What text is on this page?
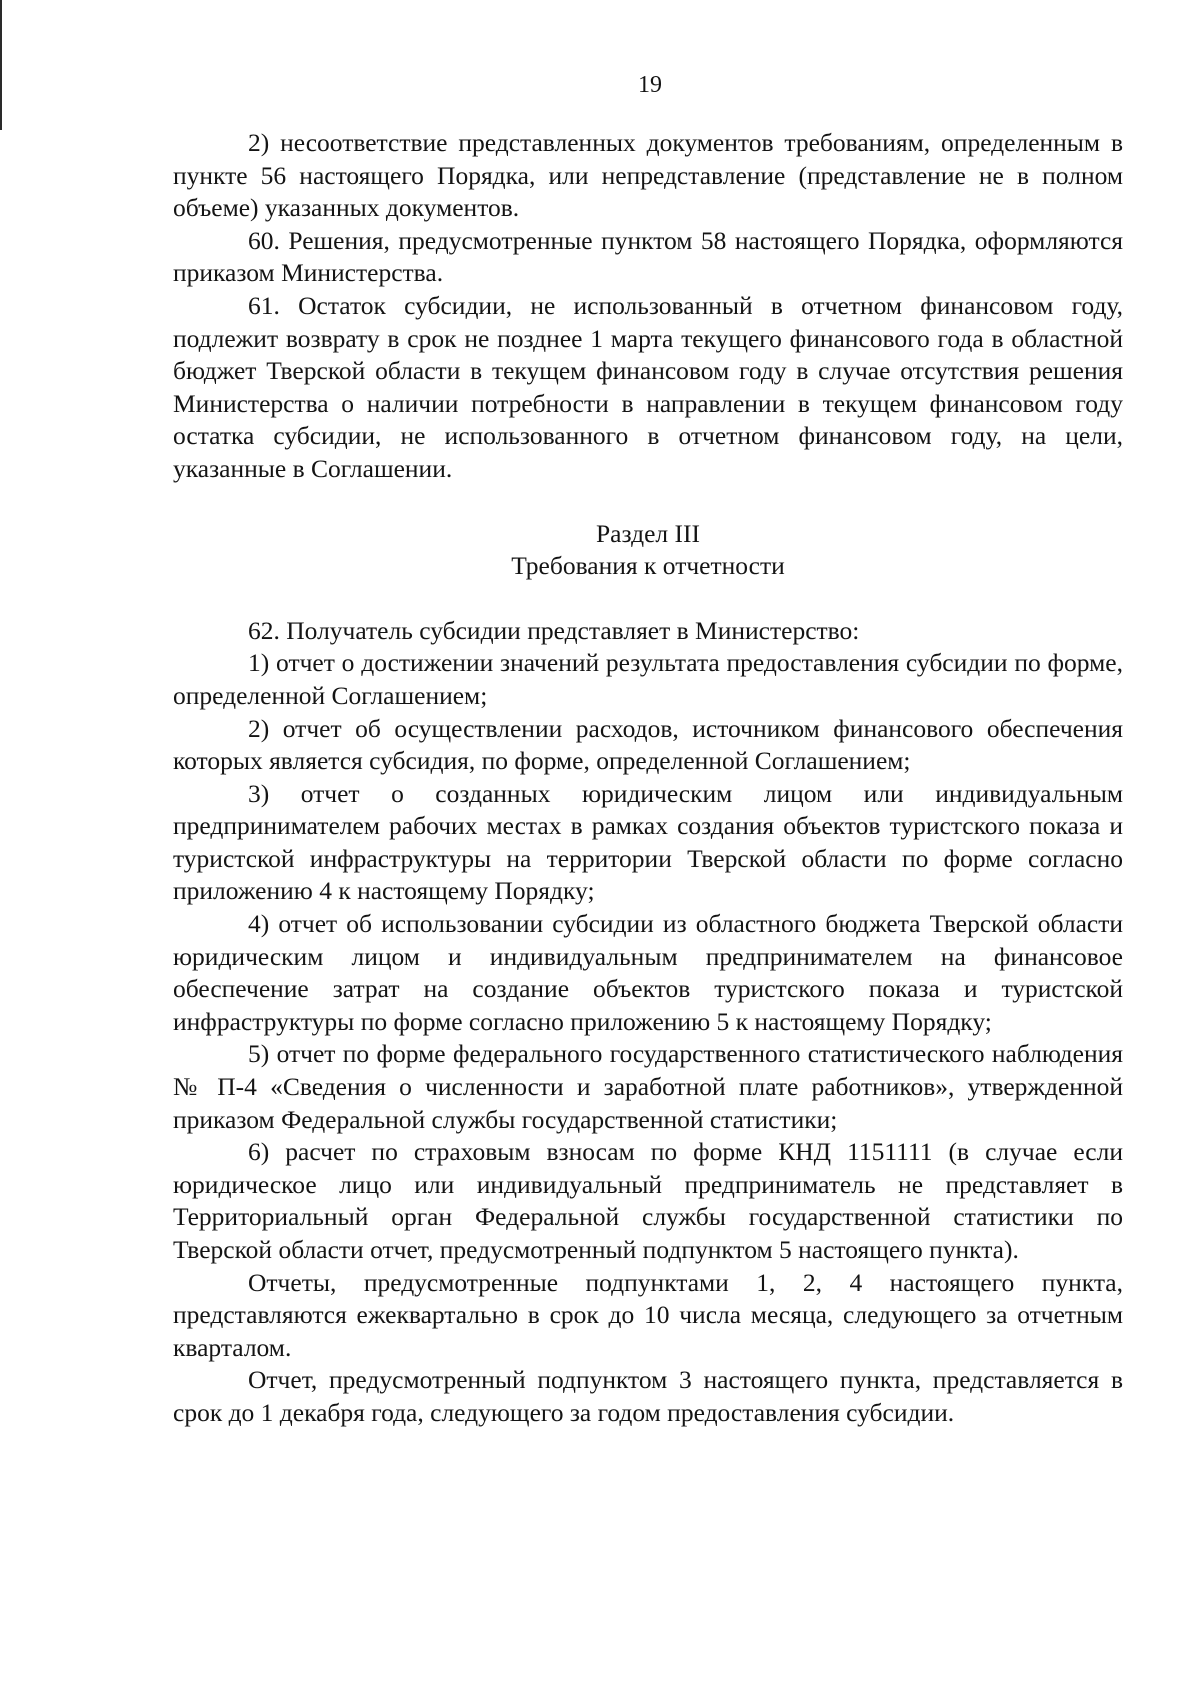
19

2) несоответствие представленных документов требованиям, определенным в пункте 56 настоящего Порядка, или непредставление (представление не в полном объеме) указанных документов.

60. Решения, предусмотренные пунктом 58 настоящего Порядка, оформляются приказом Министерства.

61. Остаток субсидии, не использованный в отчетном финансовом году, подлежит возврату в срок не позднее 1 марта текущего финансового года в областной бюджет Тверской области в текущем финансовом году в случае отсутствия решения Министерства о наличии потребности в направлении в текущем финансовом году остатка субсидии, не использованного в отчетном финансовом году, на цели, указанные в Соглашении.

Раздел III
Требования к отчетности

62. Получатель субсидии представляет в Министерство:

1) отчет о достижении значений результата предоставления субсидии по форме, определенной Соглашением;

2) отчет об осуществлении расходов, источником финансового обеспечения которых является субсидия, по форме, определенной Соглашением;

3) отчет о созданных юридическим лицом или индивидуальным предпринимателем рабочих местах в рамках создания объектов туристского показа и туристской инфраструктуры на территории Тверской области по форме согласно приложению 4 к настоящему Порядку;

4) отчет об использовании субсидии из областного бюджета Тверской области юридическим лицом и индивидуальным предпринимателем на финансовое обеспечение затрат на создание объектов туристского показа и туристской инфраструктуры по форме согласно приложению 5 к настоящему Порядку;

5) отчет по форме федерального государственного статистического наблюдения № П-4 «Сведения о численности и заработной плате работников», утвержденной приказом Федеральной службы государственной статистики;

6) расчет по страховым взносам по форме КНД 1151111 (в случае если юридическое лицо или индивидуальный предприниматель не представляет в Территориальный орган Федеральной службы государственной статистики по Тверской области отчет, предусмотренный подпунктом 5 настоящего пункта).

Отчеты, предусмотренные подпунктами 1, 2, 4 настоящего пункта, представляются ежеквартально в срок до 10 числа месяца, следующего за отчетным кварталом.

Отчет, предусмотренный подпунктом 3 настоящего пункта, представляется в срок до 1 декабря года, следующего за годом предоставления субсидии.
